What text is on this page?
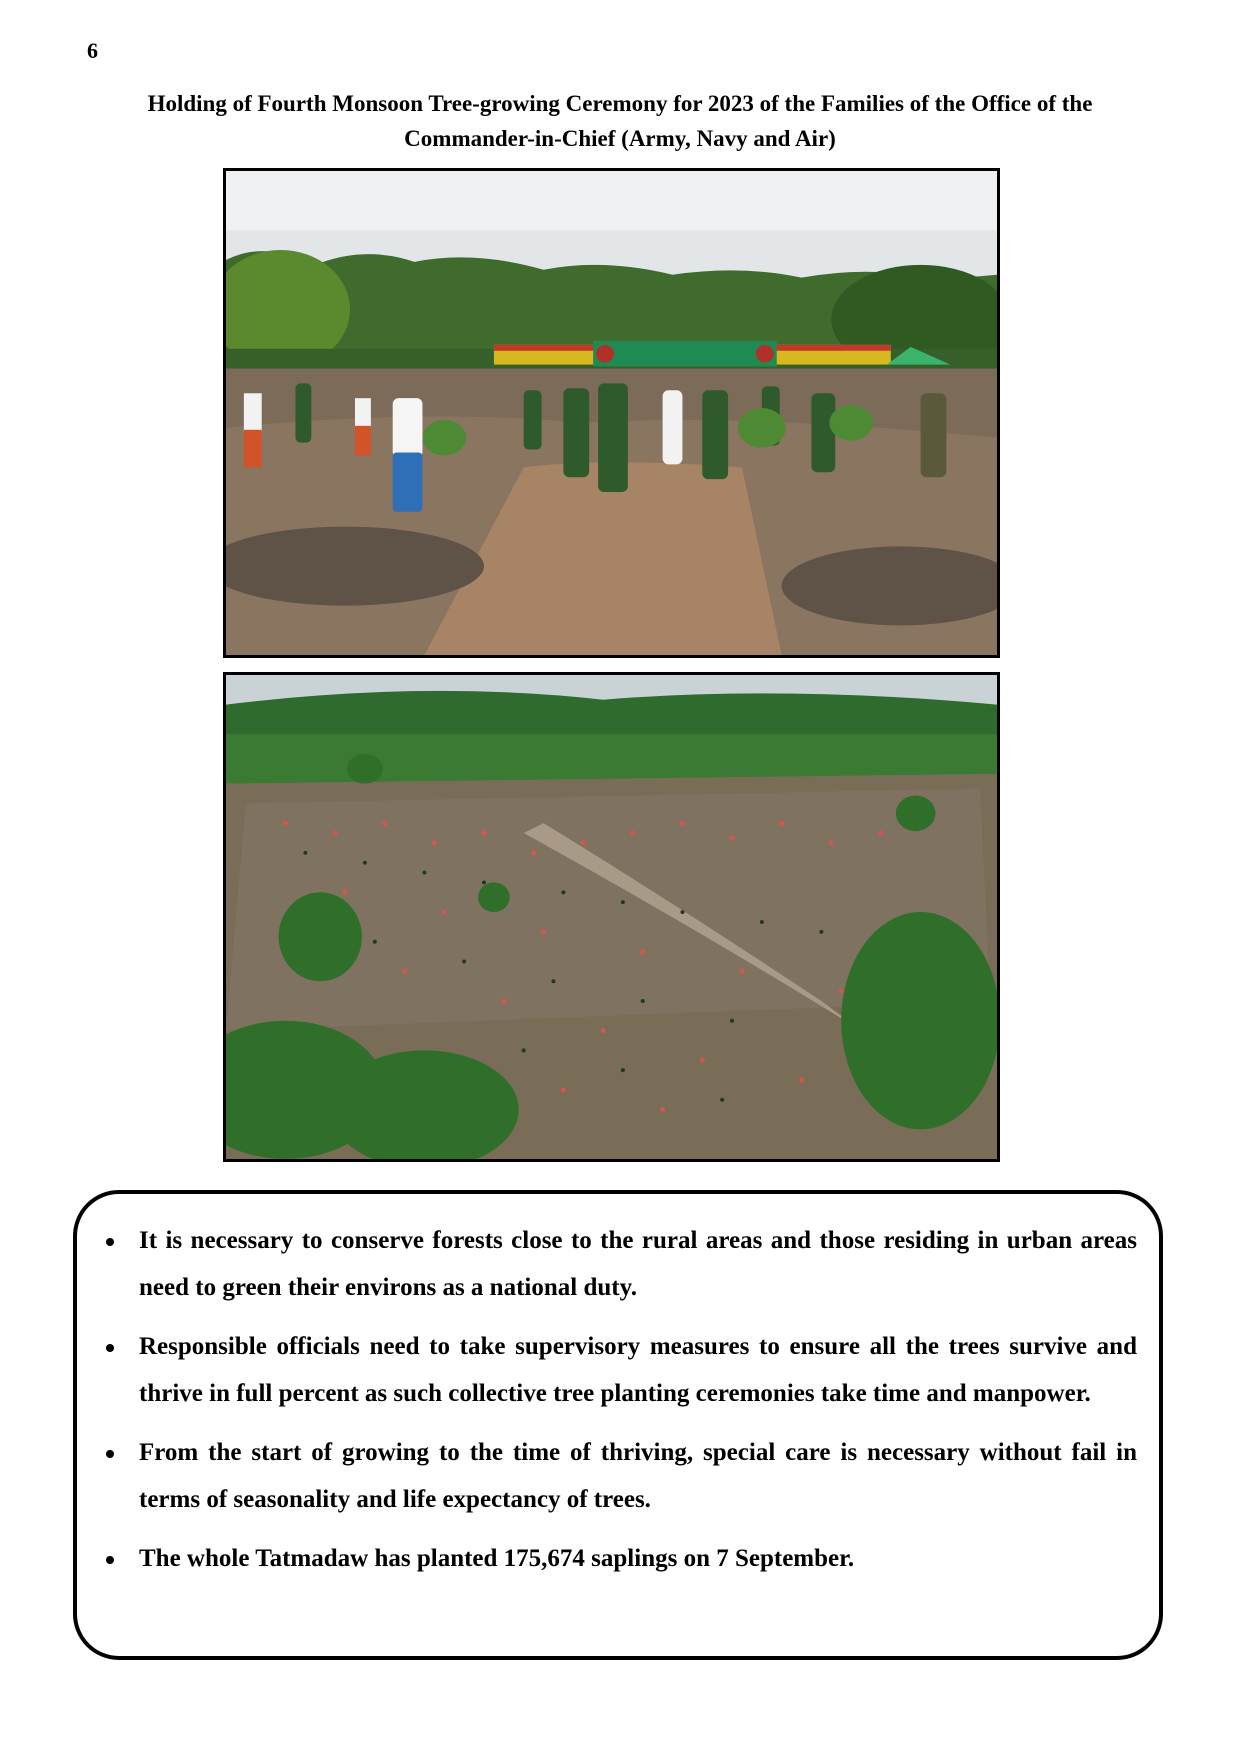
6
Holding of Fourth Monsoon Tree-growing Ceremony for 2023 of the Families of the Office of the Commander-in-Chief (Army, Navy and Air)
It is necessary to conserve forests close to the rural areas and those residing in urban areas need to green their environs as a national duty.
Responsible officials need to take supervisory measures to ensure all the trees survive and thrive in full percent as such collective tree planting ceremonies take time and manpower.
From the start of growing to the time of thriving, special care is necessary without fail in terms of seasonality and life expectancy of trees.
The whole Tatmadaw has planted 175,674 saplings on 7 September.
